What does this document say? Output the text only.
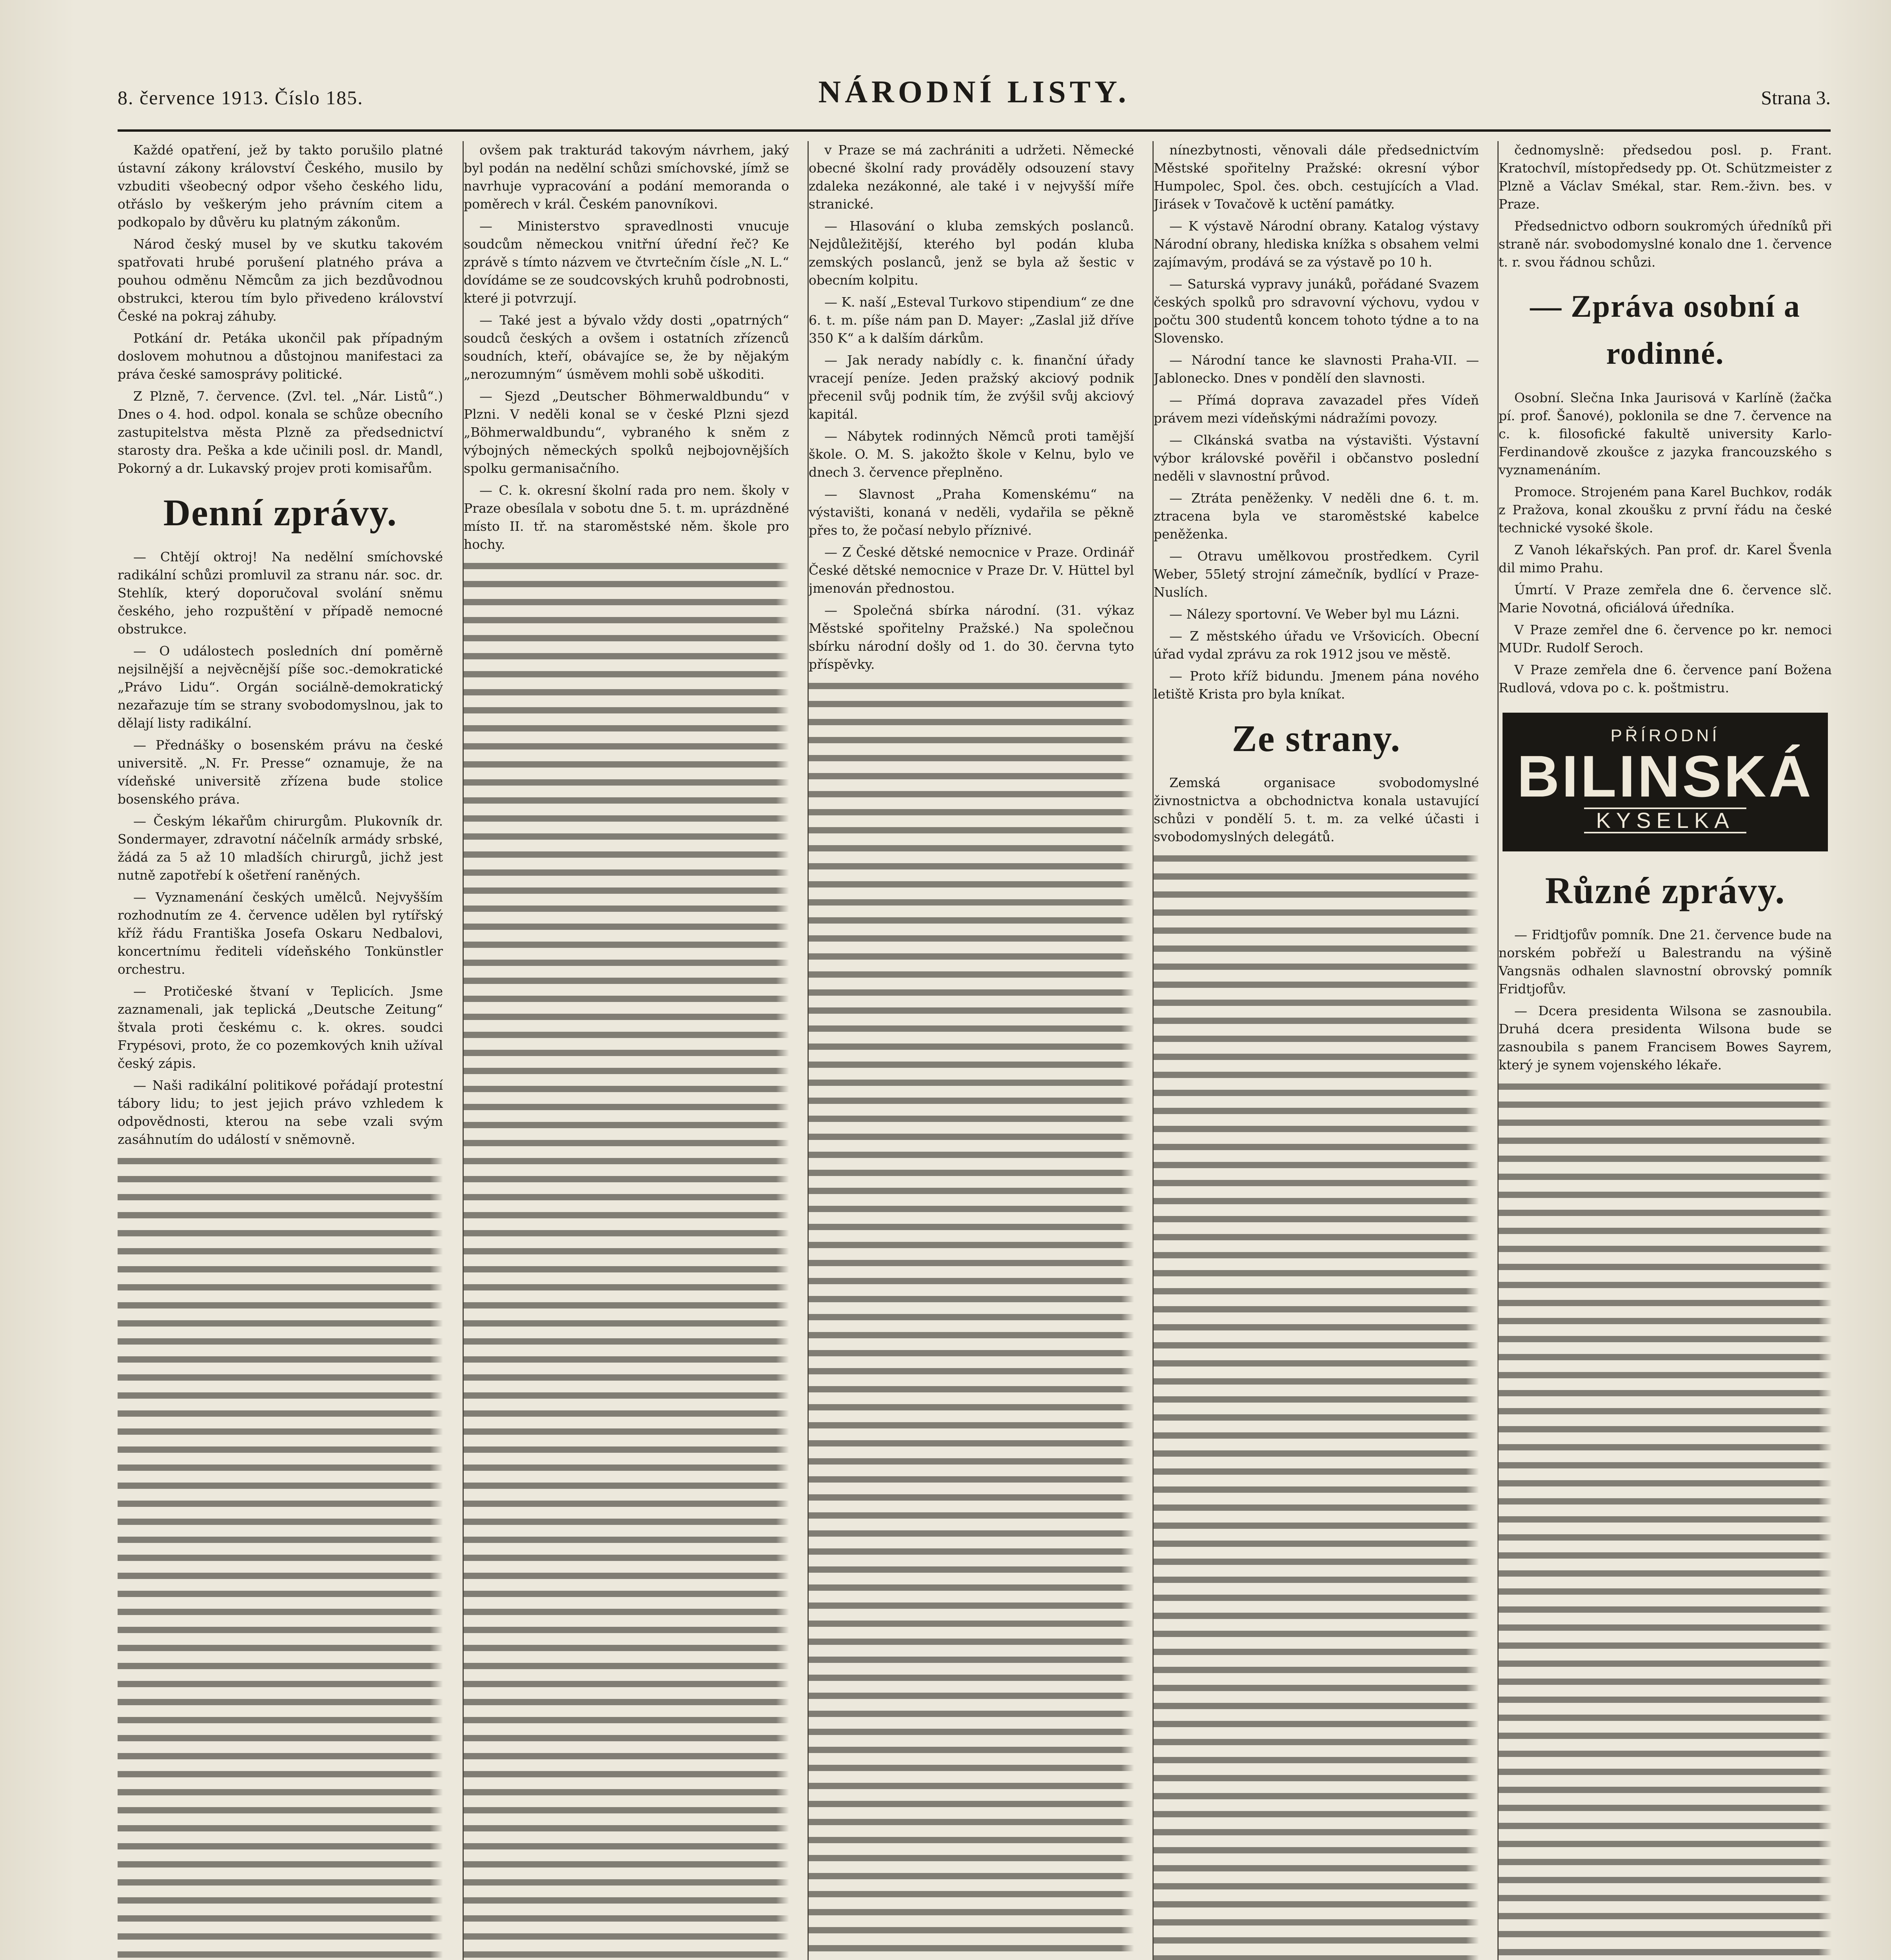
8. července 1913. Číslo 185.	NÁRODNÍ LISTY.	Strana 3.

Každé opatření, jež by takto porušilo platné ústavní zákony království Českého, musilo by vzbuditi všeobecný odpor všeho českého lidu, otřáslo by veškerým jeho právním citem a podkopalo by důvěru ku platným zákonům.

Národ český musel by ve skutku takovém spatřovati hrubé porušení platného práva a pouhou odměnu Němcům za jich bezdůvodnou obstrukci, kterou tím bylo přivedeno království České na pokraj záhuby.

Potkání dr. Petáka ukončil pak případným doslovem mohutnou a důstojnou manifestaci za práva české samosprávy politické.

Z Plzně, 7. července. (Zvl. tel. „Nár. Listů“.) Dnes o 4. hod. odpol. konala se schůze obecního zastupitelstva města Plzně za předsednictví starosty dra. Peška a kde učinili posl. dr. Mandl, Pokorný a dr. Lukavský projev proti komisařům.

Denní zprávy.

— Chtějí oktroj! Na nedělní smíchovské radikální schůzi promluvil za stranu nár. soc. dr. Stehlík, který doporučoval svolání sněmu českého, jeho rozpuštění v případě nemocné obstrukce.

— O událostech posledních dní poměrně nejsilnější a nejvěcnější píše soc.-demokratické „Právo Lidu“. Orgán sociálně-demokratický nezařazuje tím se strany svobodomyslnou, jak to dělají listy radikální.

— Přednášky o bosenském právu na české universitě. „N. Fr. Presse“ oznamuje, že na vídeňské universitě zřízena bude stolice bosenského práva.

— Českým lékařům chirurgům. Plukovník dr. Sondermayer, zdravotní náčelník armády srbské, žádá za 5 až 10 mladších chirurgů, jichž jest nutně zapotřebí k ošetření raněných.

— Vyznamenání českých umělců. Nejvyšším rozhodnutím ze 4. července udělen byl rytířský kříž řádu Františka Josefa Oskaru Nedbalovi, koncertnímu řediteli vídeňského Tonkünstler orchestru.

— Protičeské štvaní v Teplicích. Jsme zaznamenali, jak teplická „Deutsche Zeitung“ štvala proti českému c. k. okres. soudci Frypésovi, proto, že co pozemkových knih užíval český zápis.

— Naši radikální politikové pořádají protestní tábory lidu; to jest jejich právo vzhledem k odpovědnosti, kterou na sebe vzali svým zasáhnutím do událostí v sněmovně.

ovšem pak trakturád takovým návrhem, jaký byl podán na nedělní schůzi smíchovské, jímž se navrhuje vypracování a podání memoranda o poměrech v král. Českém panovníkovi.

— Ministerstvo spravedlnosti vnucuje soudcům německou vnitřní úřední řeč? Ke zprávě s tímto názvem ve čtvrtečním čísle „N. L.“ dovídáme se ze soudcovských kruhů podrobnosti, které ji potvrzují.

— Také jest a bývalo vždy dosti „opatrných“ soudců českých a ovšem i ostatních zřízenců soudních, kteří, obávajíce se, že by nějakým „nerozumným“ úsměvem mohli sobě uškoditi.

— Sjezd „Deutscher Böhmerwaldbundu“ v Plzni. V neděli konal se v české Plzni sjezd „Böhmerwaldbundu“, vybraného k sněm z výbojných německých spolků nejbojovnějších spolku germanisačního.

— C. k. okresní školní rada pro nem. školy v Praze obesílala v sobotu dne 5. t. m. uprázdněné místo II. tř. na staroměstské něm. škole pro hochy.

v Praze se má zachrániti a udržeti. Německé obecné školní rady prováděly odsouzení stavy zdaleka nezákonné, ale také i v nejvyšší míře stranické.

— Hlasování o kluba zemských poslanců. Nejdůležitější, kterého byl podán kluba zemských poslanců, jenž se byla až šestic v obecním kolpitu.

— K. naší „Esteval Turkovo stipendium“ ze dne 6. t. m. píše nám pan D. Mayer: „Zaslal již dříve 350 K“ a k dalším dárkům.

— Jak nerady nabídly c. k. finanční úřady vracejí peníze. Jeden pražský akciový podnik přecenil svůj podnik tím, že zvýšil svůj akciový kapitál.

— Nábytek rodinných Němců proti tamější škole. O. M. S. jakožto škole v Kelnu, bylo ve dnech 3. července přeplněno.

— Slavnost „Praha Komenskému“ na výstavišti, konaná v neděli, vydařila se pěkně přes to, že počasí nebylo příznivé.

— Z České dětské nemocnice v Praze. Ordinář České dětské nemocnice v Praze Dr. V. Hüttel byl jmenován přednostou.

— Společná sbírka národní. (31. výkaz Městské spořitelny Pražské.) Na společnou sbírku národní došly od 1. do 30. června tyto příspěvky.

nínezbytnosti, věnovali dále předsednictvím Městské spořitelny Pražské: okresní výbor Humpolec, Spol. čes. obch. cestujících a Vlad. Jirásek v Tovačově k uctění památky.

— K výstavě Národní obrany. Katalog výstavy Národní obrany, hlediska knížka s obsahem velmi zajímavým, prodává se za výstavě po 10 h.

— Saturská vypravy junáků, pořádané Svazem českých spolků pro sdravovní výchovu, vydou v počtu 300 studentů koncem tohoto týdne a to na Slovensko.

— Národní tance ke slavnosti Praha-VII. — Jablonecko. Dnes v pondělí den slavnosti.

— Přímá doprava zavazadel přes Vídeň právem mezi vídeňskými nádražími povozy.

— Clkánská svatba na výstavišti. Výstavní výbor královské pověřil i občanstvo poslední neděli v slavnostní průvod.

— Ztráta peněženky. V neděli dne 6. t. m. ztracena byla ve staroměstské kabelce peněženka.

— Otravu umělkovou prostředkem. Cyril Weber, 55letý strojní zámečník, bydlící v Praze-Nuslích.

— Nálezy sportovní. Ve Weber byl mu Lázni.

— Z městského úřadu ve Vršovicích. Obecní úřad vydal zprávu za rok 1912 jsou ve městě.

— Proto kříž bidundu. Jmenem pána nového letiště Krista pro byla kníkat.

Ze strany.

Zemská organisace svobodomyslné živnostnictva a obchodnictva konala ustavující schůzi v pondělí 5. t. m. za velké účasti i svobodomyslných delegátů.

čednomyslně: předsedou posl. p. Frant. Kratochvíl, místopředsedy pp. Ot. Schützmeister z Plzně a Václav Smékal, star. Rem.-živn. bes. v Praze.

Předsednictvo odborn soukromých úředníků při straně nár. svobodomyslné konalo dne 1. července t. r. svou řádnou schůzi.

— Zpráva osobní a rodinné.

Osobní. Slečna Inka Jaurisová v Karlíně (žačka pí. prof. Šanové), poklonila se dne 7. července na c. k. filosofické fakultě university Karlo-Ferdinandově zkoušce z jazyka francouzského s vyznamenáním.

Promoce. Strojeném pana Karel Buchkov, rodák z Pražova, konal zkoušku z první řádu na české technické vysoké škole.

Z Vanoh lékařských. Pan prof. dr. Karel Švenla dil mimo Prahu.

Úmrtí. V Praze zemřela dne 6. července slč. Marie Novotná, oficiálová úředníka.

V Praze zemřel dne 6. července po kr. nemoci MUDr. Rudolf Seroch.

V Praze zemřela dne 6. července paní Božena Rudlová, vdova po c. k. poštmistru.

PŘÍRODNÍ
BILINSKÁ
KYSELKA
Různé zprávy.

— Fridtjofův pomník. Dne 21. července bude na norském pobřeží u Balestrandu na výšině Vangsnäs odhalen slavnostní obrovský pomník Fridtjofův.

— Dcera presidenta Wilsona se zasnoubila. Druhá dcera presidenta Wilsona bude se zasnoubila s panem Francisem Bowes Sayrem, který je synem vojenského lékaře.
